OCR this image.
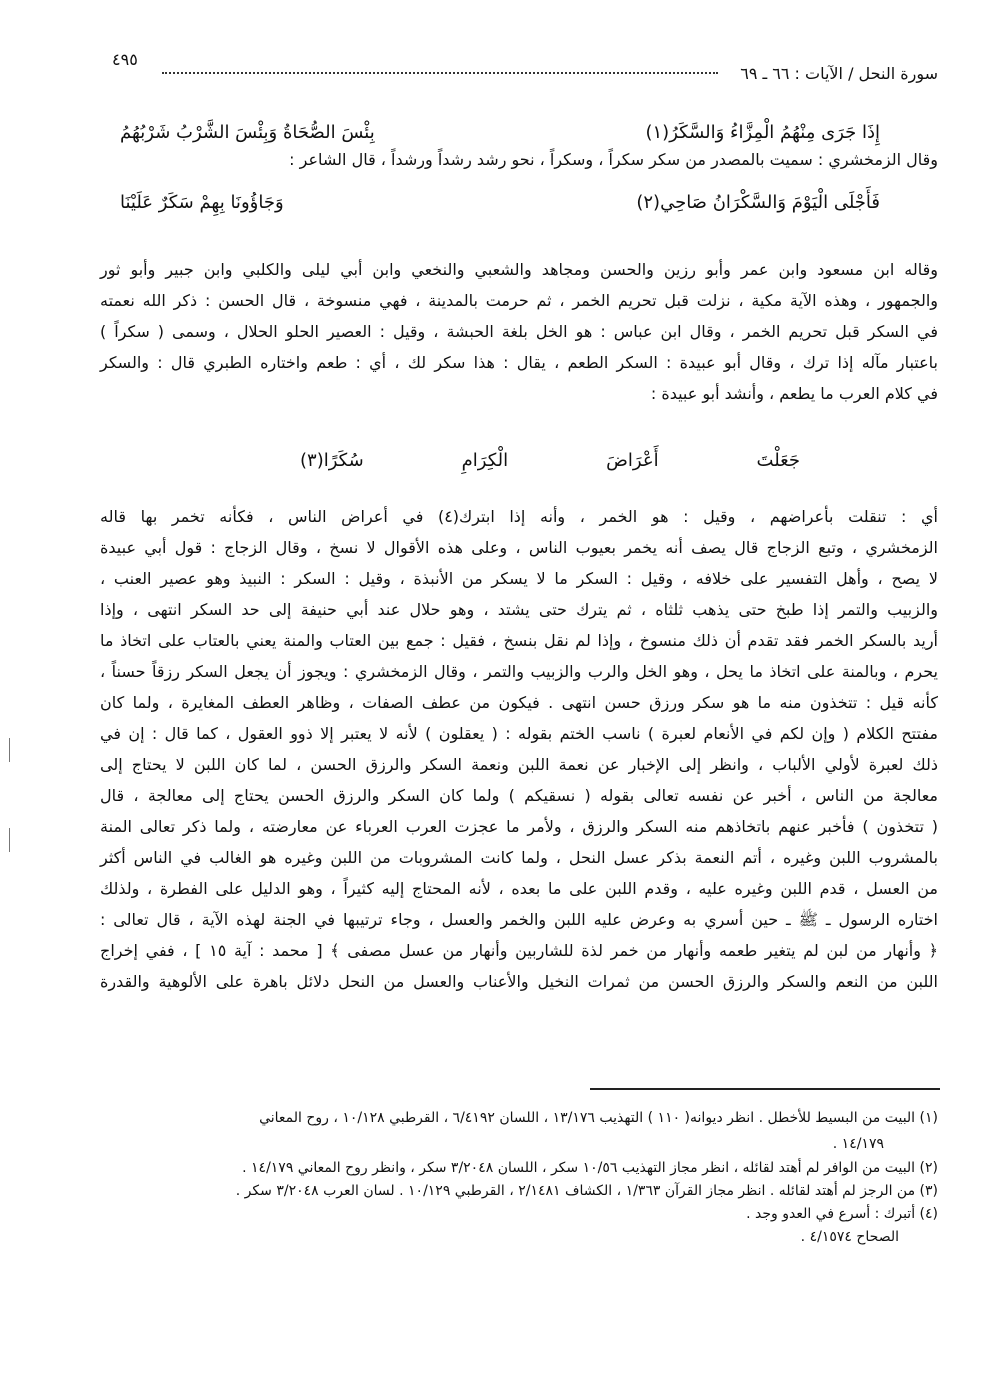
٤٩٥
سورة النحل / الآيات : ٦٦ ـ ٦٩
إِذَا جَرَى مِنْهُمُ الْمِزَّاءُ وَالسَّكَرُ(١)
بِئْسَ الصُّحَاةُ وَبِئْسَ الشَّرْبُ شَرْبُهُمُ
وقال الزمخشري : سميت بالمصدر من سكر سكراً ، وسكراً ، نحو رشد رشداً ورشداً ، قال الشاعر :
فَأَجْلَى الْيَوْمَ وَالسَّكْرَانُ صَاحِي(٢)
وَجَاؤُونَا بِهِمْ سَكَرٌ عَلَيْنَا
وقاله ابن مسعود وابن عمر وأبو رزين والحسن ومجاهد والشعبي والنخعي وابن أبي ليلى والكلبي وابن جبير وأبو ثور
والجمهور ، وهذه الآية مكية ، نزلت قبل تحريم الخمر ، ثم حرمت بالمدينة ، فهي منسوخة ، قال الحسن : ذكر الله نعمته
في السكر قبل تحريم الخمر ، وقال ابن عباس : هو الخل بلغة الحبشة ، وقيل : العصير الحلو الحلال ، وسمى ( سكراً )
باعتبار مآله إذا ترك ، وقال أبو عبيدة : السكر الطعم ، يقال : هذا سكر لك ، أي : طعم واختاره الطبري قال : والسكر
في كلام العرب ما يطعم ، وأنشد أبو عبيدة :
جَعَلْتَ
أَعْرَاضَ
الْكِرَامِ
سُكَرًا(٣)
أي : تنقلت بأعراضهم ، وقيل : هو الخمر ، وأنه إذا ابترك(٤) في أعراض الناس ، فكأنه تخمر بها قاله
الزمخشري ، وتبع الزجاج قال يصف أنه يخمر بعيوب الناس ، وعلى هذه الأقوال لا نسخ ، وقال الزجاج : قول أبي عبيدة
لا يصح ، وأهل التفسير على خلافه ، وقيل : السكر ما لا يسكر من الأنبذة ، وقيل : السكر : النبيذ وهو عصير العنب ،
والزبيب والتمر إذا طبخ حتى يذهب ثلثاه ، ثم يترك حتى يشتد ، وهو حلال عند أبي حنيفة إلى حد السكر انتهى ، وإذا
أريد بالسكر الخمر فقد تقدم أن ذلك منسوخ ، وإذا لم نقل بنسخ ، فقيل : جمع بين العتاب والمنة يعني بالعتاب على اتخاذ ما
يحرم ، وبالمنة على اتخاذ ما يحل ، وهو الخل والرب والزبيب والتمر ، وقال الزمخشري : ويجوز أن يجعل السكر رزقاً حسناً ،
كأنه قيل : تتخذون منه ما هو سكر ورزق حسن انتهى . فيكون من عطف الصفات ، وظاهر العطف المغايرة ، ولما كان
مفتتح الكلام ( وإن لكم في الأنعام لعبرة ) ناسب الختم بقوله : ( يعقلون ) لأنه لا يعتبر إلا ذوو العقول ، كما قال : إن في
ذلك لعبرة لأولي الألباب ، وانظر إلى الإخبار عن نعمة اللبن ونعمة السكر والرزق الحسن ، لما كان اللبن لا يحتاج إلى
معالجة من الناس ، أخبر عن نفسه تعالى بقوله ( نسقيكم ) ولما كان السكر والرزق الحسن يحتاج إلى معالجة ، قال
( تتخذون ) فأخبر عنهم باتخاذهم منه السكر والرزق ، ولأمر ما عجزت العرب العرباء عن معارضته ، ولما ذكر تعالى المنة
بالمشروب اللبن وغيره ، أتم النعمة بذكر عسل النحل ، ولما كانت المشروبات من اللبن وغيره هو الغالب في الناس أكثر
من العسل ، قدم اللبن وغيره عليه ، وقدم اللبن على ما بعده ، لأنه المحتاج إليه كثيراً ، وهو الدليل على الفطرة ، ولذلك
اختاره الرسول ـ ﷺ ـ حين أسري به وعرض عليه اللبن والخمر والعسل ، وجاء ترتيبها في الجنة لهذه الآية ، قال تعالى :
﴿ وأنهار من لبن لم يتغير طعمه وأنهار من خمر لذة للشاربين وأنهار من عسل مصفى ﴾ [ محمد : آية ١٥ ] ، ففي إخراج
اللبن من النعم والسكر والرزق الحسن من ثمرات النخيل والأعناب والعسل من النحل دلائل باهرة على الألوهية والقدرة
(١) البيت من البسيط للأخطل . انظر ديوانه( ١١٠ ) التهذيب ١٣/١٧٦ ، اللسان ٦/٤١٩٢ ، القرطبي ١٠/١٢٨ ، روح المعاني
١٤/١٧٩ .
(٢) البيت من الوافر لم أهتد لقائله ، انظر مجاز التهذيب ١٠/٥٦ سكر ، اللسان ٣/٢٠٤٨ سكر ، وانظر روح المعاني ١٤/١٧٩ .
(٣) من الرجز لم أهتد لقائله . انظر مجاز القرآن ١/٣٦٣ ، الكشاف ٢/١٤٨١ ، القرطبي ١٠/١٢٩ . لسان العرب ٣/٢٠٤٨ سكر .
(٤) أتبرك : أسرع في العدو وجد .
الصحاح ٤/١٥٧٤ .
